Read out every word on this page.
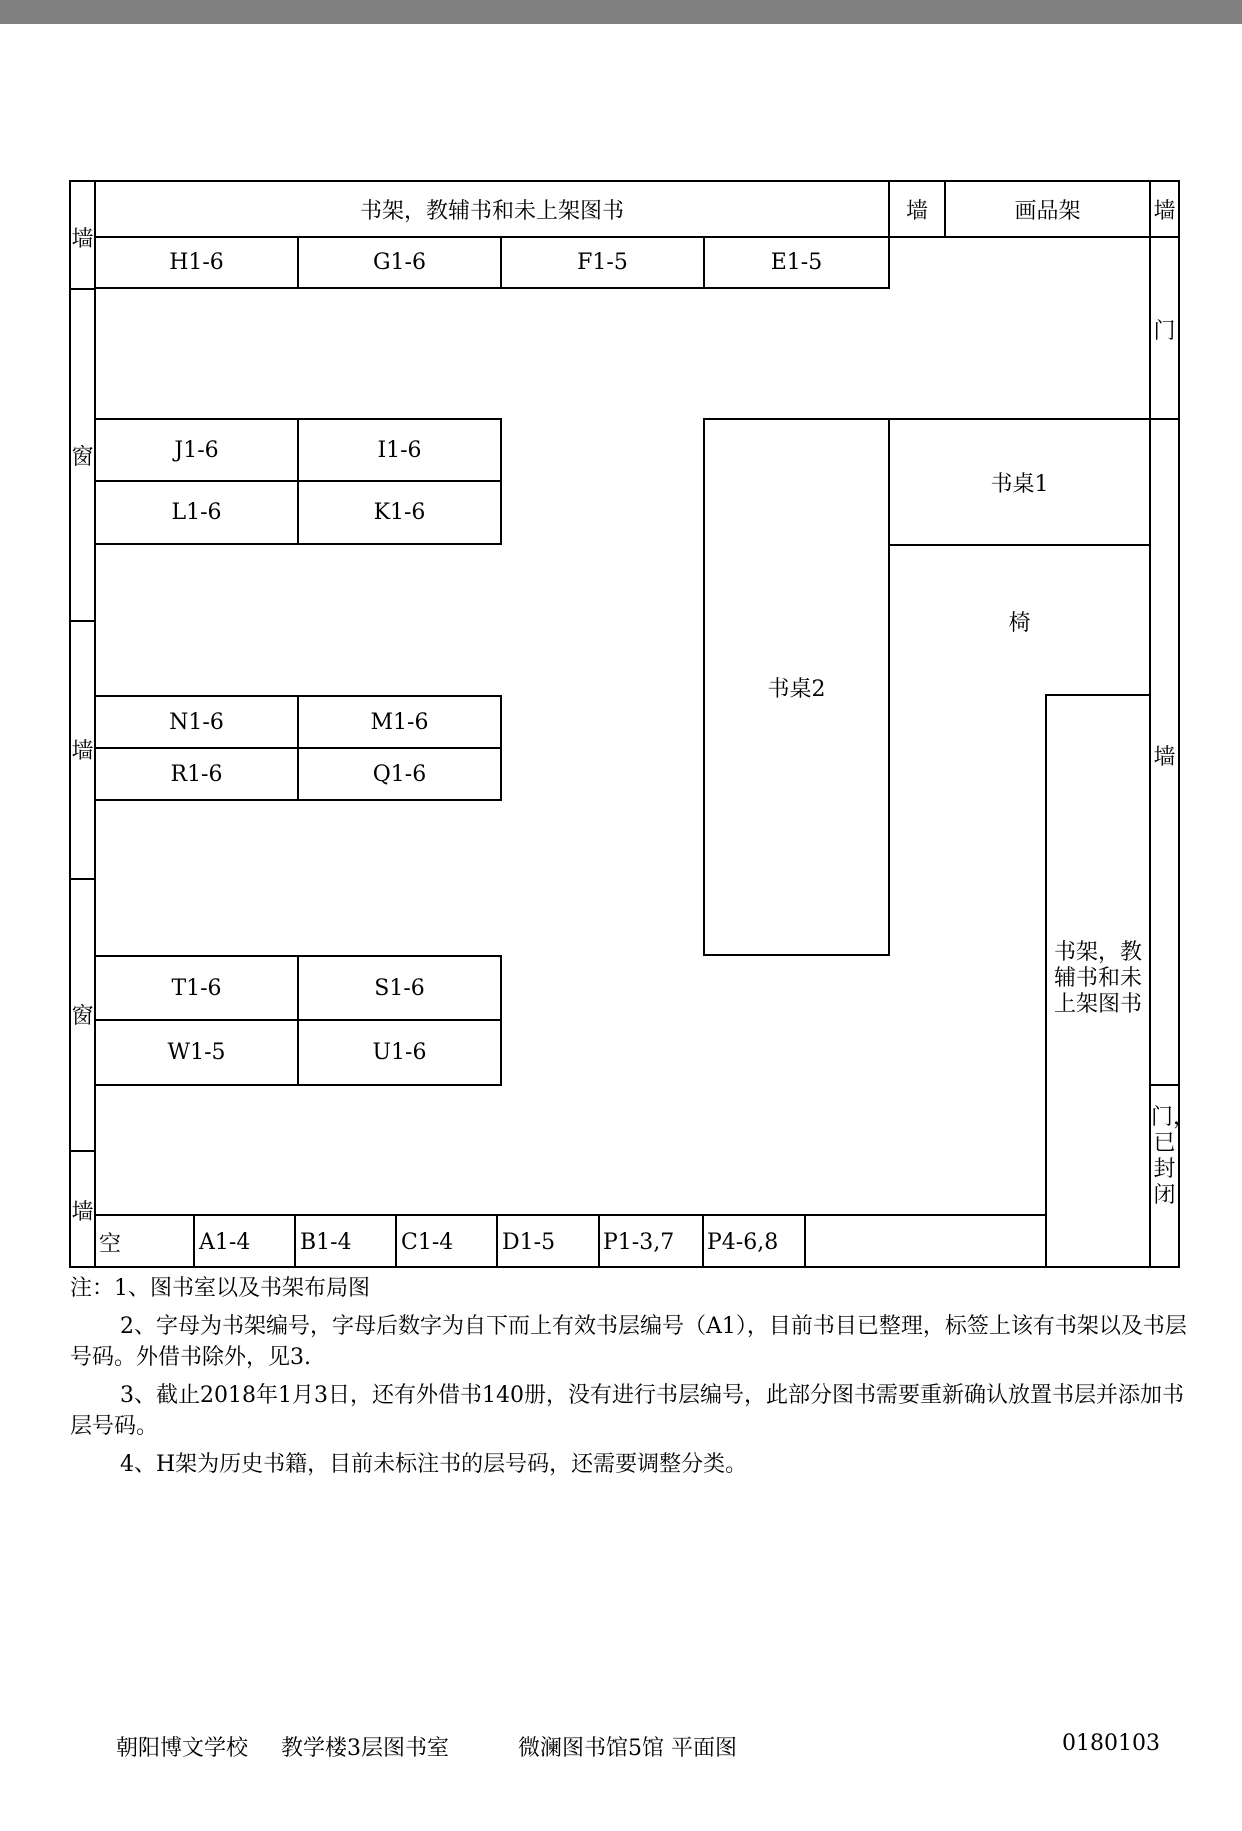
墙
窗
墙
窗
墙
书架，教辅书和未上架图书	墙	画品架	墙
H1-6	G1-6	F1-5	E1-5
门
墙
门，已封闭
书桌1
椅
书桌2
J1-6	I1-6
L1-6	K1-6
N1-6	M1-6
R1-6	Q1-6
T1-6	S1-6
W1-5	U1-6
书架，教辅书和未上架图书
空	A1-4 B1-4 C1-4 D1-5 P1-3,7 P4-6,8

注：1、图书室以及书架布局图

2、字母为书架编号，字母后数字为自下而上有效书层编号（A1），目前书目已整理，标签上该有书架以及书层号码。外借书除外，见3.

3、截止2018年1月3日，还有外借书140册，没有进行书层编号，此部分图书需要重新确认放置书层并添加书层号码。

4、H架为历史书籍，目前未标注书的层号码，还需要调整分类。

朝阳博文学校 教学楼3层图书室	微澜图书馆5馆 平面图	0180103
